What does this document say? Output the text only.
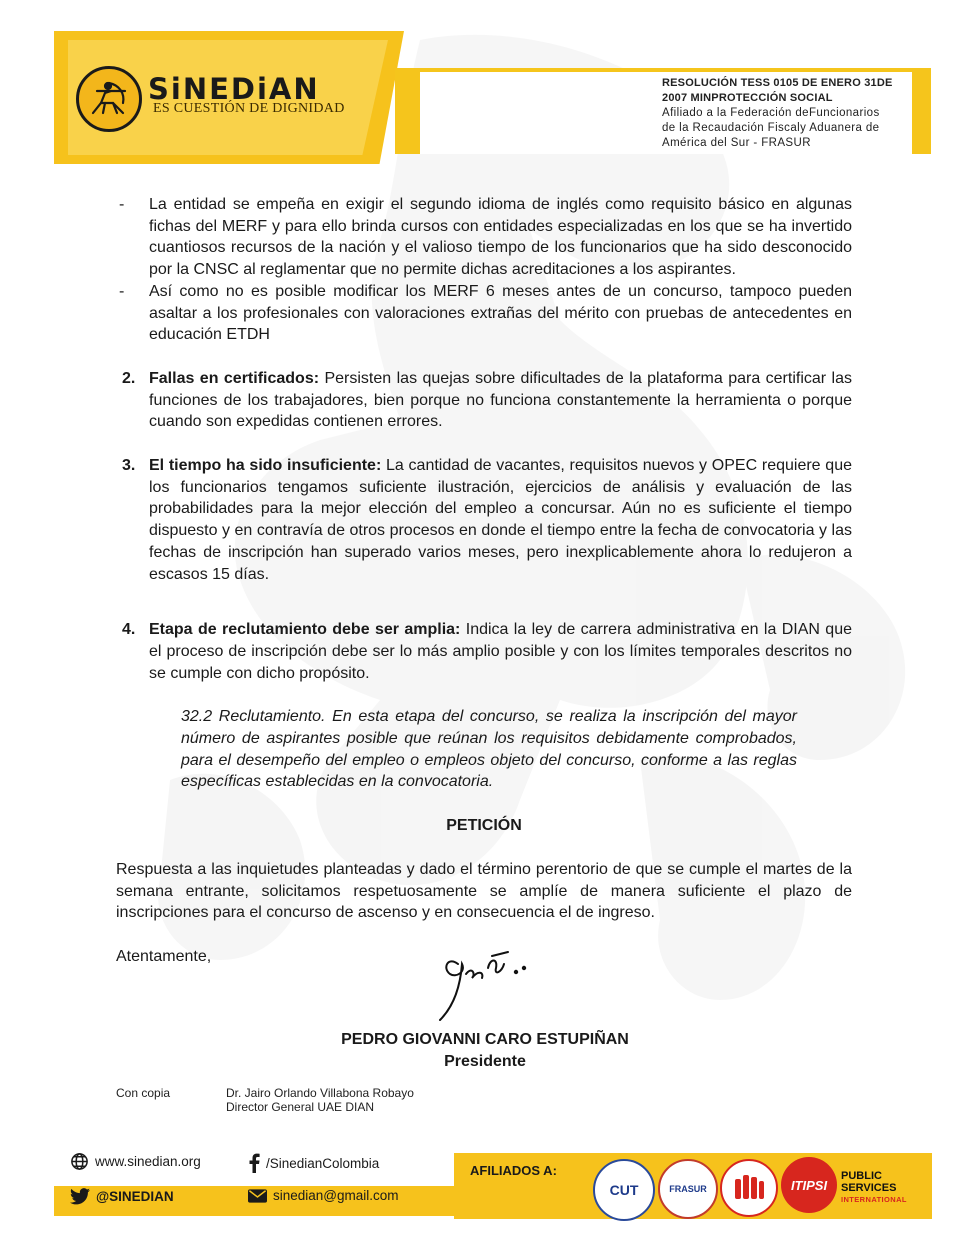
SiNEDiAN
ES CUESTIÓN DE DIGNIDAD
RESOLUCIÓN TESS 0105 DE ENERO 31DE
2007 MINPROTECCIÓN SOCIAL
Afiliado a la Federación deFuncionarios
de la Recaudación Fiscaly Aduanera de
América del Sur - FRASUR
- La entidad se empeña en exigir el segundo idioma de inglés como requisito básico en algunas fichas del MERF y para ello brinda cursos con entidades especializadas en los que se ha invertido cuantiosos recursos de la nación y el valioso tiempo de los funcionarios que ha sido desconocido por la CNSC al reglamentar que no permite dichas acreditaciones a los aspirantes.
- Así como no es posible modificar los MERF 6 meses antes de un concurso, tampoco pueden asaltar a los profesionales con valoraciones extrañas del mérito con pruebas de antecedentes en educación ETDH
2. Fallas en certificados: Persisten las quejas sobre dificultades de la plataforma para certificar las funciones de los trabajadores, bien porque no funciona constantemente la herramienta o porque cuando son expedidas contienen errores.
3. El tiempo ha sido insuficiente: La cantidad de vacantes, requisitos nuevos y OPEC requiere que los funcionarios tengamos suficiente ilustración, ejercicios de análisis y evaluación de las probabilidades para la mejor elección del empleo a concursar. Aún no es suficiente el tiempo dispuesto y en contravía de otros procesos en donde el tiempo entre la fecha de convocatoria y las fechas de inscripción han superado varios meses, pero inexplicablemente ahora lo redujeron a escasos 15 días.
4. Etapa de reclutamiento debe ser amplia: Indica la ley de carrera administrativa en la DIAN que el proceso de inscripción debe ser lo más amplio posible y con los límites temporales descritos no se cumple con dicho propósito.
32.2 Reclutamiento. En esta etapa del concurso, se realiza la inscripción del mayor número de aspirantes posible que reúnan los requisitos debidamente comprobados, para el desempeño del empleo o empleos objeto del concurso, conforme a las reglas específicas establecidas en la convocatoria.
PETICIÓN
Respuesta a las inquietudes planteadas y dado el término perentorio de que se cumple el martes de la semana entrante, solicitamos respetuosamente se amplíe de manera suficiente el plazo de inscripciones para el concurso de ascenso y en consecuencia el de ingreso.
Atentamente,
PEDRO GIOVANNI CARO ESTUPIÑAN
Presidente
Con copia	Dr. Jairo Orlando Villabona Robayo
Director General UAE DIAN
www.sinedian.org	/SinedianColombia
@SINEDIAN	sinedian@gmail.com
AFILIADOS A:
CUT	FRASUR	ITIPSI
PUBLIC
SERVICES
INTERNATIONAL
